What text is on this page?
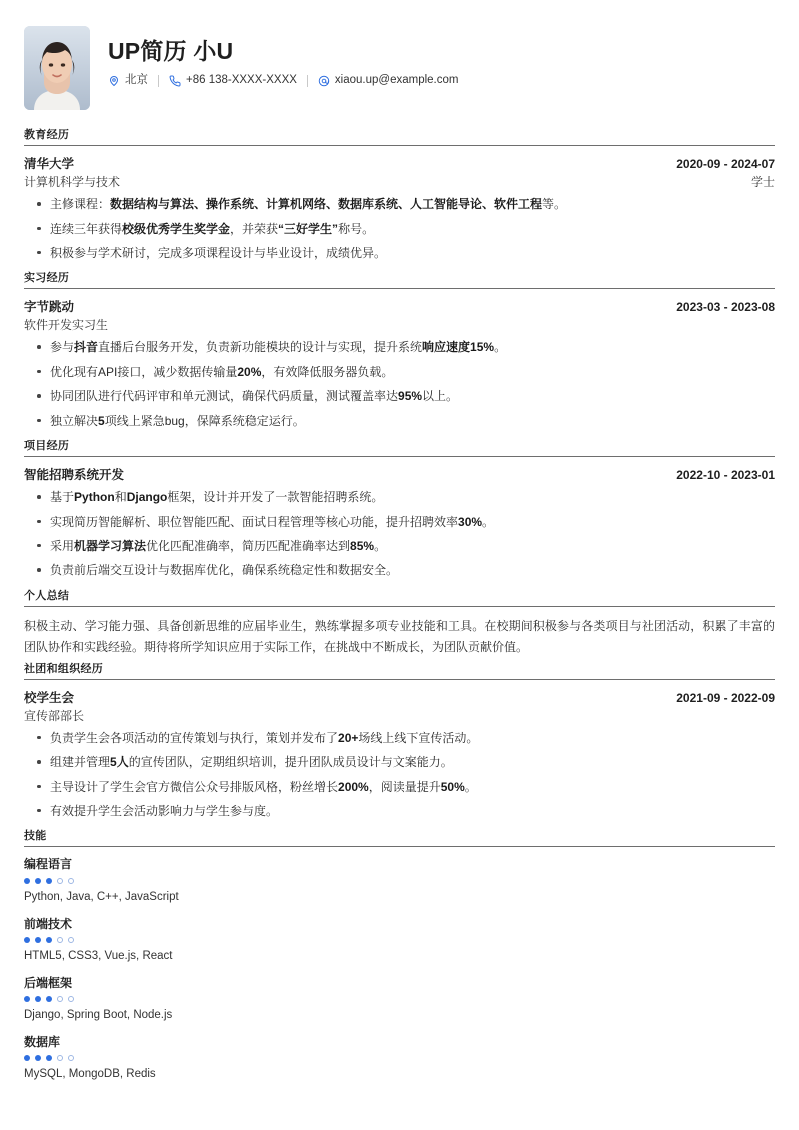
UP简历 小U
北京	+86 138-XXXX-XXXX	xiaou.up@example.com
教育经历
清华大学	2020-09 - 2024-07
计算机科学与技术	学士
主修课程：数据结构与算法、操作系统、计算机网络、数据库系统、人工智能导论、软件工程等。
连续三年获得校级优秀学生奖学金，并荣获“三好学生”称号。
积极参与学术研讨，完成多项课程设计与毕业设计，成绩优异。
实习经历
字节跳动	2023-03 - 2023-08
软件开发实习生
参与抖音直播后台服务开发，负责新功能模块的设计与实现，提升系统响应速度15%。
优化现有API接口，减少数据传输量20%，有效降低服务器负载。
协同团队进行代码评审和单元测试，确保代码质量，测试覆盖率达95%以上。
独立解决5项线上紧急bug，保障系统稳定运行。
项目经历
智能招聘系统开发	2022-10 - 2023-01
基于Python和Django框架，设计并开发了一款智能招聘系统。
实现简历智能解析、职位智能匹配、面试日程管理等核心功能，提升招聘效率30%。
采用机器学习算法优化匹配准确率，简历匹配准确率达到85%。
负责前后端交互设计与数据库优化，确保系统稳定性和数据安全。
个人总结

积极主动、学习能力强、具备创新思维的应届毕业生，熟练掌握多项专业技能和工具。在校期间积极参与各类项目与社团活动，积累了丰富的团队协作和实践经验。期待将所学知识应用于实际工作，在挑战中不断成长，为团队贡献价值。

社团和组织经历
校学生会	2021-09 - 2022-09
宣传部部长
负责学生会各项活动的宣传策划与执行，策划并发布了20+场线上线下宣传活动。
组建并管理5人的宣传团队，定期组织培训，提升团队成员设计与文案能力。
主导设计了学生会官方微信公众号排版风格，粉丝增长200%，阅读量提升50%。
有效提升学生会活动影响力与学生参与度。
技能
编程语言
Python, Java, C++, JavaScript
前端技术
HTML5, CSS3, Vue.js, React
后端框架
Django, Spring Boot, Node.js
数据库
MySQL, MongoDB, Redis
